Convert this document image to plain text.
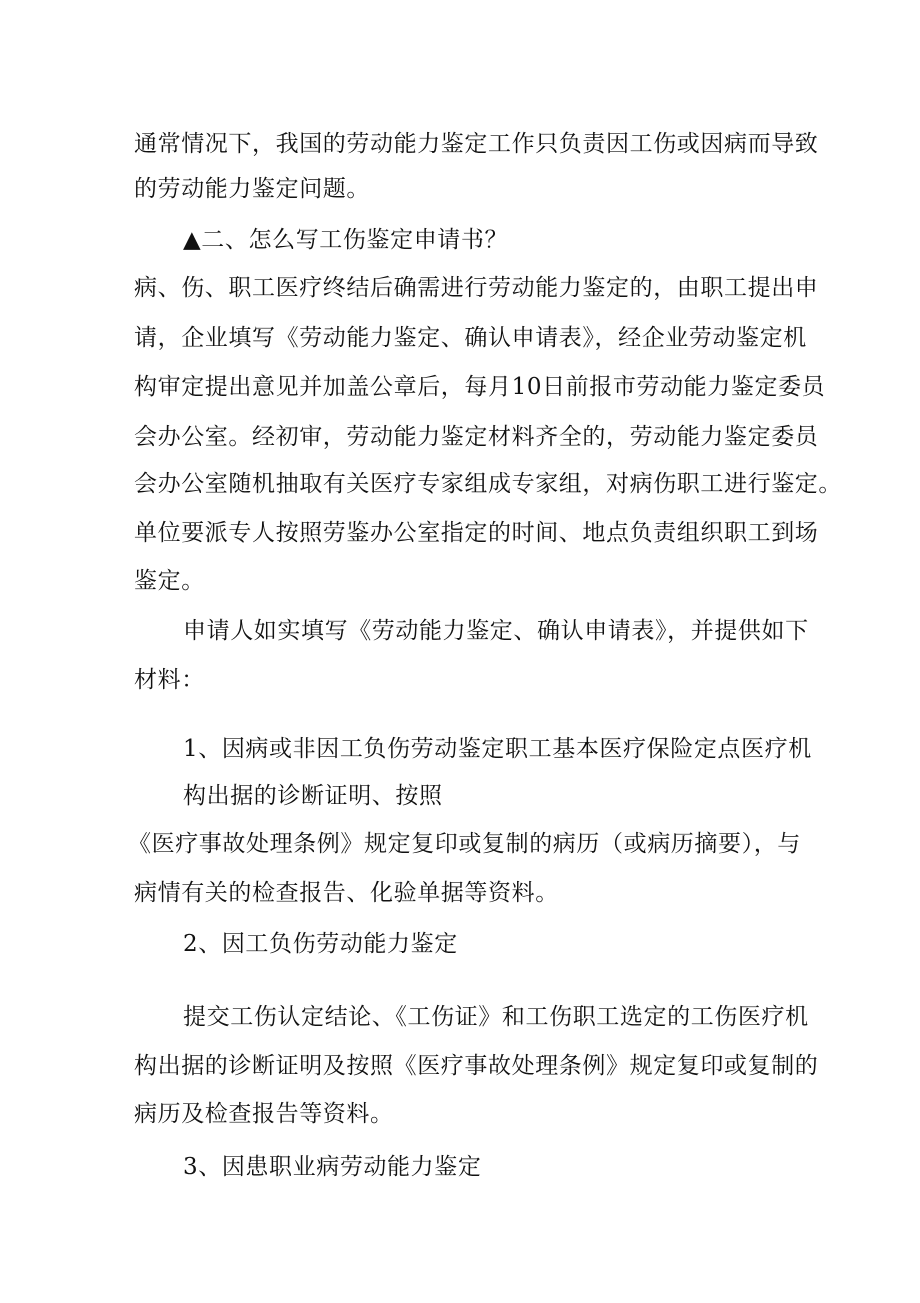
通常情况下，我国的劳动能力鉴定工作只负责因工伤或因病而导致
的劳动能力鉴定问题。
▲二、怎么写工伤鉴定申请书？
病、伤、职工医疗终结后确需进行劳动能力鉴定的，由职工提出申
请，企业填写《劳动能力鉴定、确认申请表》，经企业劳动鉴定机
构审定提出意见并加盖公章后，每月10日前报市劳动能力鉴定委员
会办公室。经初审，劳动能力鉴定材料齐全的，劳动能力鉴定委员
会办公室随机抽取有关医疗专家组成专家组，对病伤职工进行鉴定。
单位要派专人按照劳鉴办公室指定的时间、地点负责组织职工到场
鉴定。
申请人如实填写《劳动能力鉴定、确认申请表》，并提供如下
材料：
1、因病或非因工负伤劳动鉴定职工基本医疗保险定点医疗机
构出据的诊断证明、按照
《医疗事故处理条例》规定复印或复制的病历（或病历摘要），与
病情有关的检查报告、化验单据等资料。
2、因工负伤劳动能力鉴定
提交工伤认定结论、《工伤证》和工伤职工选定的工伤医疗机
构出据的诊断证明及按照《医疗事故处理条例》规定复印或复制的
病历及检查报告等资料。
3、因患职业病劳动能力鉴定
